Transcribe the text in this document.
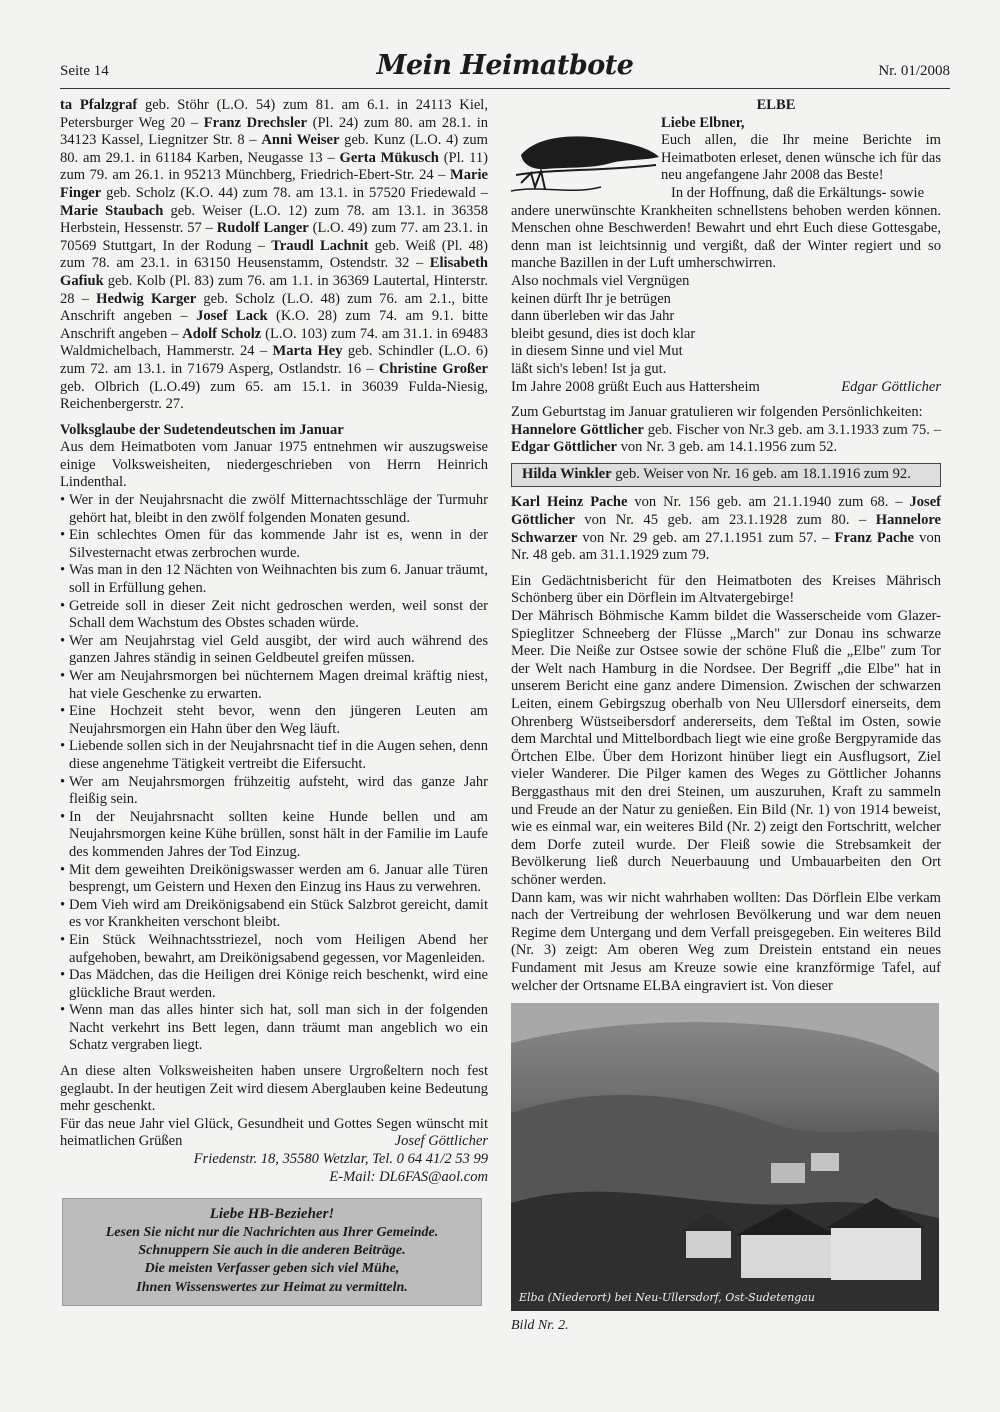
Seite 14	Mein Heimatbote	Nr. 01/2008

ta Pfalzgraf geb. Stöhr (L.O. 54) zum 81. am 6.1. in 24113 Kiel, Petersburger Weg 20 – Franz Drechsler (Pl. 24) zum 80. am 28.1. in 34123 Kassel, Liegnitzer Str. 8 – Anni Weiser geb. Kunz (L.O. 4) zum 80. am 29.1. in 61184 Karben, Neugasse 13 – Gerta Mükusch (Pl. 11) zum 79. am 26.1. in 95213 Münchberg, Friedrich-Ebert-Str. 24 – Marie Finger geb. Scholz (K.O. 44) zum 78. am 13.1. in 57520 Friedewald – Marie Staubach geb. Weiser (L.O. 12) zum 78. am 13.1. in 36358 Herbstein, Hessenstr. 57 – Rudolf Langer (L.O. 49) zum 77. am 23.1. in 70569 Stuttgart, In der Rodung – Traudl Lachnit geb. Weiß (Pl. 48) zum 78. am 23.1. in 63150 Heusenstamm, Ostendstr. 32 – Elisabeth Gafiuk geb. Kolb (Pl. 83) zum 76. am 1.1. in 36369 Lautertal, Hinterstr. 28 – Hedwig Karger geb. Scholz (L.O. 48) zum 76. am 2.1., bitte Anschrift angeben – Josef Lack (K.O. 28) zum 74. am 9.1. bitte Anschrift angeben – Adolf Scholz (L.O. 103) zum 74. am 31.1. in 69483 Waldmichelbach, Hammerstr. 24 – Marta Hey geb. Schindler (L.O. 6) zum 72. am 13.1. in 71679 Asperg, Ostlandstr. 16 – Christine Großer geb. Olbrich (L.O.49) zum 65. am 15.1. in 36039 Fulda-Niesig, Reichenbergerstr. 27.

Volksglaube der Sudetendeutschen im Januar

Aus dem Heimatboten vom Januar 1975 entnehmen wir auszugsweise einige Volksweisheiten, niedergeschrieben von Herrn Heinrich Lindenthal.

• Wer in der Neujahrsnacht die zwölf Mitternachtsschläge der Turmuhr gehört hat, bleibt in den zwölf folgenden Monaten gesund.
• Ein schlechtes Omen für das kommende Jahr ist es, wenn in der Silvesternacht etwas zerbrochen wurde.
• Was man in den 12 Nächten von Weihnachten bis zum 6. Januar träumt, soll in Erfüllung gehen.
• Getreide soll in dieser Zeit nicht gedroschen werden, weil sonst der Schall dem Wachstum des Obstes schaden würde.
• Wer am Neujahrstag viel Geld ausgibt, der wird auch während des ganzen Jahres ständig in seinen Geldbeutel greifen müssen.
• Wer am Neujahrsmorgen bei nüchternem Magen dreimal kräftig niest, hat viele Geschenke zu erwarten.
• Eine Hochzeit steht bevor, wenn den jüngeren Leuten am Neujahrsmorgen ein Hahn über den Weg läuft.
• Liebende sollen sich in der Neujahrsnacht tief in die Augen sehen, denn diese angenehme Tätigkeit vertreibt die Eifersucht.
• Wer am Neujahrsmorgen frühzeitig aufsteht, wird das ganze Jahr fleißig sein.
• In der Neujahrsnacht sollten keine Hunde bellen und am Neujahrsmorgen keine Kühe brüllen, sonst hält in der Familie im Laufe des kommenden Jahres der Tod Einzug.
• Mit dem geweihten Dreikönigswasser werden am 6. Januar alle Türen besprengt, um Geistern und Hexen den Einzug ins Haus zu verwehren.
• Dem Vieh wird am Dreikönigsabend ein Stück Salzbrot gereicht, damit es vor Krankheiten verschont bleibt.
• Ein Stück Weihnachtsstriezel, noch vom Heiligen Abend her aufgehoben, bewahrt, am Dreikönigsabend gegessen, vor Magenleiden.
• Das Mädchen, das die Heiligen drei Könige reich beschenkt, wird eine glückliche Braut werden.
• Wenn man das alles hinter sich hat, soll man sich in der folgenden Nacht verkehrt ins Bett legen, dann träumt man angeblich wo ein Schatz vergraben liegt.

An diese alten Volksweisheiten haben unsere Urgroßeltern noch fest geglaubt. In der heutigen Zeit wird diesem Aberglauben keine Bedeutung mehr geschenkt.

Für das neue Jahr viel Glück, Gesundheit und Gottes Segen wünscht mit heimatlichen Grüßen	Josef Göttlicher

Friedenstr. 18, 35580 Wetzlar, Tel. 0 64 41/2 53 99

E-Mail: DL6FAS@aol.com

Liebe HB-Bezieher!
Lesen Sie nicht nur die Nachrichten aus Ihrer Gemeinde.
Schnuppern Sie auch in die anderen Beiträge.
Die meisten Verfasser geben sich viel Mühe,
Ihnen Wissenswertes zur Heimat zu vermitteln.

ELBE

Liebe Elbner,

Euch allen, die Ihr meine Berichte im Heimatboten erleset, denen wünsche ich für das neu angefangene Jahr 2008 das Beste!

In der Hoffnung, daß die Erkältungs- sowie

andere unerwünschte Krankheiten schnellstens behoben werden können. Menschen ohne Beschwerden! Bewahrt und ehrt Euch diese Gottesgabe, denn man ist leichtsinnig und vergißt, daß der Winter regiert und so manche Bazillen in der Luft umherschwirren.

Also nochmals viel Vergnügen
keinen dürft Ihr je betrügen
dann überleben wir das Jahr
bleibt gesund, dies ist doch klar
in diesem Sinne und viel Mut
läßt sich's leben! Ist ja gut.

Im Jahre 2008 grüßt Euch aus Hattersheim	Edgar Göttlicher

Zum Geburtstag im Januar gratulieren wir folgenden Persönlichkeiten:

Hannelore Göttlicher geb. Fischer von Nr.3 geb. am 3.1.1933 zum 75. – Edgar Göttlicher von Nr. 3 geb. am 14.1.1956 zum 52.

Hilda Winkler geb. Weiser von Nr. 16 geb. am 18.1.1916 zum 92.

Karl Heinz Pache von Nr. 156 geb. am 21.1.1940 zum 68. – Josef Göttlicher von Nr. 45 geb. am 23.1.1928 zum 80. – Hannelore Schwarzer von Nr. 29 geb. am 27.1.1951 zum 57. – Franz Pache von Nr. 48 geb. am 31.1.1929 zum 79.

Ein Gedächtnisbericht für den Heimatboten des Kreises Mährisch Schönberg über ein Dörflein im Altvatergebirge!

Der Mährisch Böhmische Kamm bildet die Wasserscheide vom Glazer-Spieglitzer Schneeberg der Flüsse „March" zur Donau ins schwarze Meer. Die Neiße zur Ostsee sowie der schöne Fluß die „Elbe" zum Tor der Welt nach Hamburg in die Nordsee. Der Begriff „die Elbe" hat in unserem Bericht eine ganz andere Dimension. Zwischen der schwarzen Leiten, einem Gebirgszug oberhalb von Neu Ullersdorf einerseits, dem Ohrenberg Wüstseibersdorf andererseits, dem Teßtal im Osten, sowie dem Marchtal und Mittelbordbach liegt wie eine große Bergpyramide das Örtchen Elbe. Über dem Horizont hinüber liegt ein Ausflugsort, Ziel vieler Wanderer. Die Pilger kamen des Weges zu Göttlicher Johanns Berggasthaus mit den drei Steinen, um auszuruhen, Kraft zu sammeln und Freude an der Natur zu genießen. Ein Bild (Nr. 1) von 1914 beweist, wie es einmal war, ein weiteres Bild (Nr. 2) zeigt den Fortschritt, welcher dem Dorfe zuteil wurde. Der Fleiß sowie die Strebsamkeit der Bevölkerung ließ durch Neuerbauung und Umbauarbeiten den Ort schöner werden.

Dann kam, was wir nicht wahrhaben wollten: Das Dörflein Elbe verkam nach der Vertreibung der wehrlosen Bevölkerung und war dem neuen Regime dem Untergang und dem Verfall preisgegeben. Ein weiteres Bild (Nr. 3) zeigt: Am oberen Weg zum Dreistein entstand ein neues Fundament mit Jesus am Kreuze sowie eine kranzförmige Tafel, auf welcher der Ortsname ELBA eingraviert ist. Von dieser

Elba (Niederort) bei Neu-Ullersdorf, Ost-Sudetengau

Bild Nr. 2.
